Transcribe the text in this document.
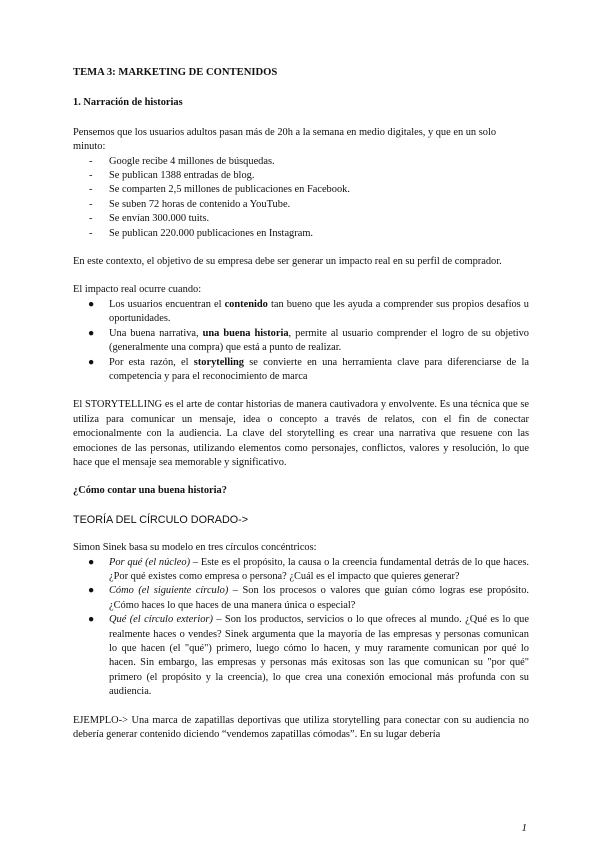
TEMA 3: MARKETING DE CONTENIDOS

1. Narración de historias

Pensemos que los usuarios adultos pasan más de 20h a la semana en medio digitales, y que en un solo minuto:

- Google recibe 4 millones de búsquedas.
- Se publican 1388 entradas de blog.
- Se comparten 2,5 millones de publicaciones en Facebook.
- Se suben 72 horas de contenido a YouTube.
- Se envían 300.000 tuits.
- Se publican 220.000 publicaciones en Instagram.

En este contexto, el objetivo de su empresa debe ser generar un impacto real en su perfil de comprador.

El impacto real ocurre cuando:

● Los usuarios encuentran el contenido tan bueno que les ayuda a comprender sus propios desafíos u oportunidades.
● Una buena narrativa, una buena historia, permite al usuario comprender el logro de su objetivo (generalmente una compra) que está a punto de realizar.
● Por esta razón, el storytelling se convierte en una herramienta clave para diferenciarse de la competencia y para el reconocimiento de marca

El STORYTELLING es el arte de contar historias de manera cautivadora y envolvente. Es una técnica que se utiliza para comunicar un mensaje, idea o concepto a través de relatos, con el fin de conectar emocionalmente con la audiencia. La clave del storytelling es crear una narrativa que resuene con las emociones de las personas, utilizando elementos como personajes, conflictos, valores y resolución, lo que hace que el mensaje sea memorable y significativo.

¿Cómo contar una buena historia?

TEORÍA DEL CÍRCULO DORADO->

Simon Sinek basa su modelo en tres círculos concéntricos:

● Por qué (el núcleo) – Este es el propósito, la causa o la creencia fundamental detrás de lo que haces. ¿Por qué existes como empresa o persona? ¿Cuál es el impacto que quieres generar?
● Cómo (el siguiente círculo) – Son los procesos o valores que guían cómo logras ese propósito. ¿Cómo haces lo que haces de una manera única o especial?
● Qué (el círculo exterior) – Son los productos, servicios o lo que ofreces al mundo. ¿Qué es lo que realmente haces o vendes? Sinek argumenta que la mayoría de las empresas y personas comunican lo que hacen (el "qué") primero, luego cómo lo hacen, y muy raramente comunican por qué lo hacen. Sin embargo, las empresas y personas más exitosas son las que comunican su "por qué" primero (el propósito y la creencia), lo que crea una conexión emocional más profunda con su audiencia.

EJEMPLO-> Una marca de zapatillas deportivas que utiliza storytelling para conectar con su audiencia no debería generar contenido diciendo “vendemos zapatillas cómodas”. En su lugar debería

1
